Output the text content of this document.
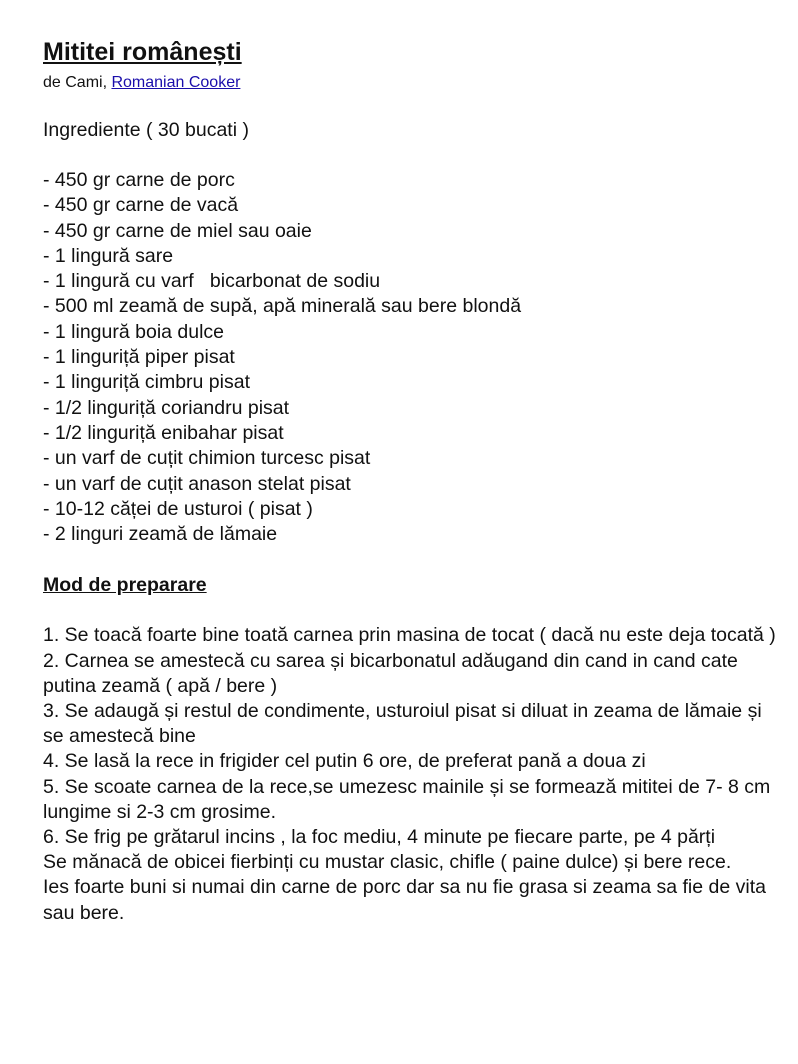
Mititei românești
de Cami, Romanian Cooker
Ingrediente ( 30 bucati )
- 450 gr carne de porc
- 450 gr carne de vacă
- 450 gr carne de miel sau oaie
- 1 lingură sare
- 1 lingură cu varf   bicarbonat de sodiu
- 500 ml zeamă de supă, apă minerală sau bere blondă
- 1 lingură boia dulce
- 1 linguriță piper pisat
- 1 linguriță cimbru pisat
- 1/2 linguriță coriandru pisat
- 1/2 linguriță enibahar pisat
- un varf de cuțit chimion turcesc pisat
- un varf de cuțit anason stelat pisat
- 10-12 căței de usturoi ( pisat )
- 2 linguri zeamă de lămaie
Mod de preparare

1. Se toacă foarte bine toată carnea prin masina de tocat ( dacă nu este deja tocată )

2. Carnea se amestecă cu sarea și bicarbonatul adăugand din cand in cand cate putina zeamă ( apă / bere )

3. Se adaugă și restul de condimente, usturoiul pisat si diluat in zeama de lămaie și se amestecă bine

4. Se lasă la rece in frigider cel putin 6 ore, de preferat pană a doua zi

5. Se scoate carnea de la rece,se umezesc mainile și se formează mititei de 7- 8 cm lungime si 2-3 cm grosime.

6. Se frig pe grătarul incins , la foc mediu, 4 minute pe fiecare parte, pe 4 părți

Se mănacă de obicei fierbinți cu mustar clasic, chifle ( paine dulce) și bere rece.

Ies foarte buni si numai din carne de porc dar sa nu fie grasa si zeama sa fie de vita sau bere.
